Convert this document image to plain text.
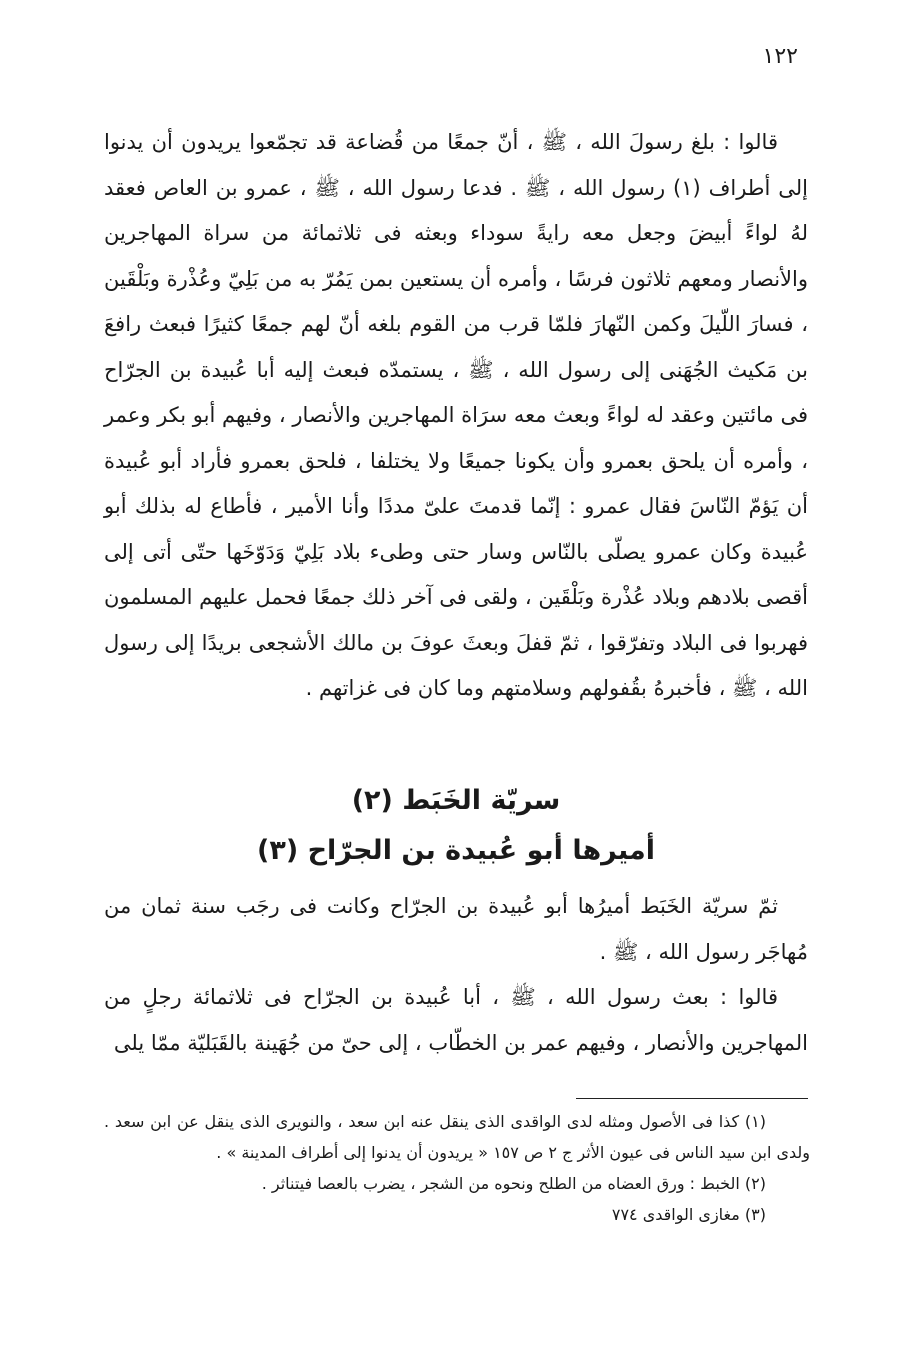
١٢٢

قالوا : بلغ رسولَ الله ، ﷺ ، أنّ جمعًا من قُضاعة قد تجمّعوا يريدون أن يدنوا إلى أطراف (١) رسول الله ، ﷺ . فدعا رسول الله ، ﷺ ، عمرو بن العاص فعقد لهُ لواءً أبيضَ وجعل معه رايةً سوداء وبعثه فى ثلاثمائة من سراة المهاجرين والأنصار ومعهم ثلاثون فرسًا ، وأمره أن يستعين بمن يَمُرّ به من بَلِيّ وعُذْرة وبَلْقَين ، فسارَ اللّيلَ وكمن النّهارَ فلمّا قرب من القوم بلغه أنّ لهم جمعًا كثيرًا فبعث رافعَ بن مَكيث الجُهَنى إلى رسول الله ، ﷺ ، يستمدّه فبعث إليه أبا عُبيدة بن الجرّاح فى مائتين وعقد له لواءً وبعث معه سرَاة المهاجرين والأنصار ، وفيهم أبو بكر وعمر ، وأمره أن يلحق بعمرو وأن يكونا جميعًا ولا يختلفا ، فلحق بعمرو فأراد أبو عُبيدة أن يَؤمّ النّاسَ فقال عمرو : إنّما قدمتَ علىّ مددًا وأنا الأمير ، فأطاع له بذلك أبو عُبيدة وكان عمرو يصلّى بالنّاس وسار حتى وطىء بلاد بَلِيّ وَدَوّخَها حتّى أتى إلى أقصى بلادهم وبلاد عُذْرة وبَلْقَين ، ولقى فى آخر ذلك جمعًا فحمل عليهم المسلمون فهربوا فى البلاد وتفرّقوا ، ثمّ قفلَ وبعثَ عوفَ بن مالك الأشجعى بريدًا إلى رسول الله ، ﷺ ، فأخبرهُ بقُفولهم وسلامتهم وما كان فى غزاتهم .

سريّة الخَبَط (٢)
أميرها أبو عُبيدة بن الجرّاح (٣)

ثمّ سريّة الخَبَط أميرُها أبو عُبيدة بن الجرّاح وكانت فى رجَب سنة ثمان من مُهاجَر رسول الله ، ﷺ .

قالوا : بعث رسول الله ، ﷺ ، أبا عُبيدة بن الجرّاح فى ثلاثمائة رجلٍ من المهاجرين والأنصار ، وفيهم عمر بن الخطّاب ، إلى حىّ من جُهَينة بالقَبَليّة ممّا يلى

(١) كذا فى الأصول ومثله لدى الواقدى الذى ينقل عنه ابن سعد ، والنويرى الذى ينقل عن ابن سعد . ولدى ابن سيد الناس فى عيون الأثر ج ٢ ص ١٥٧ « يريدون أن يدنوا إلى أطراف المدينة » .

(٢) الخبط : ورق العضاه من الطلح ونحوه من الشجر ، يضرب بالعصا فيتناثر .

(٣) مغازى الواقدى ٧٧٤
